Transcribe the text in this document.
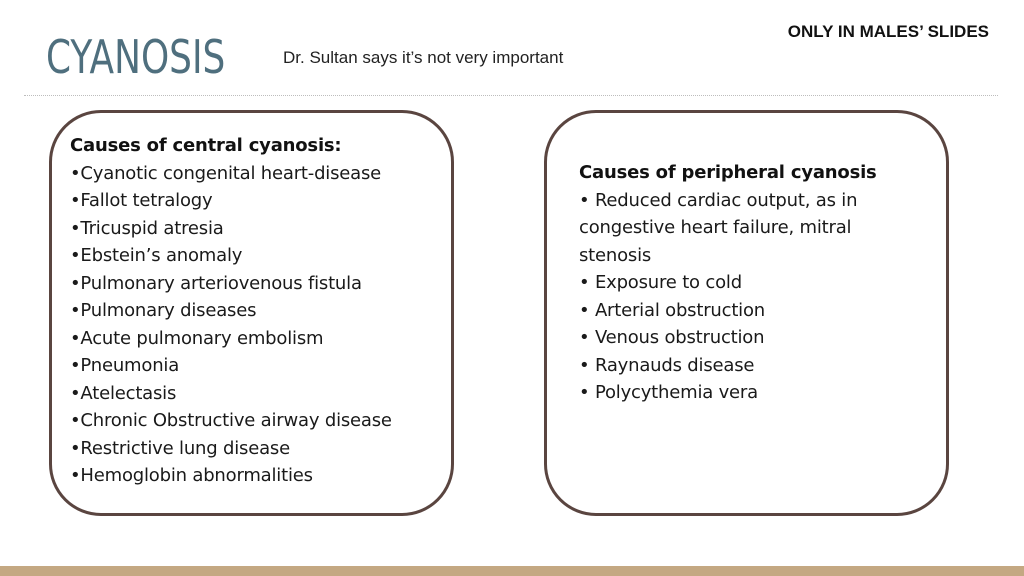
CYANOSIS	Dr. Sultan says it’s not very important
ONLY IN MALES’ SLIDES
Causes of central cyanosis:
•Cyanotic congenital heart-disease
•Fallot tetralogy
•Tricuspid atresia
•Ebstein’s anomaly
•Pulmonary arteriovenous fistula
•Pulmonary diseases
•Acute pulmonary embolism
•Pneumonia
•Atelectasis
•Chronic Obstructive airway disease
•Restrictive lung disease
•Hemoglobin abnormalities
Causes of peripheral cyanosis
• Reduced cardiac output, as in congestive heart failure, mitral stenosis
• Exposure to cold
• Arterial obstruction
• Venous obstruction
• Raynauds disease
• Polycythemia vera
